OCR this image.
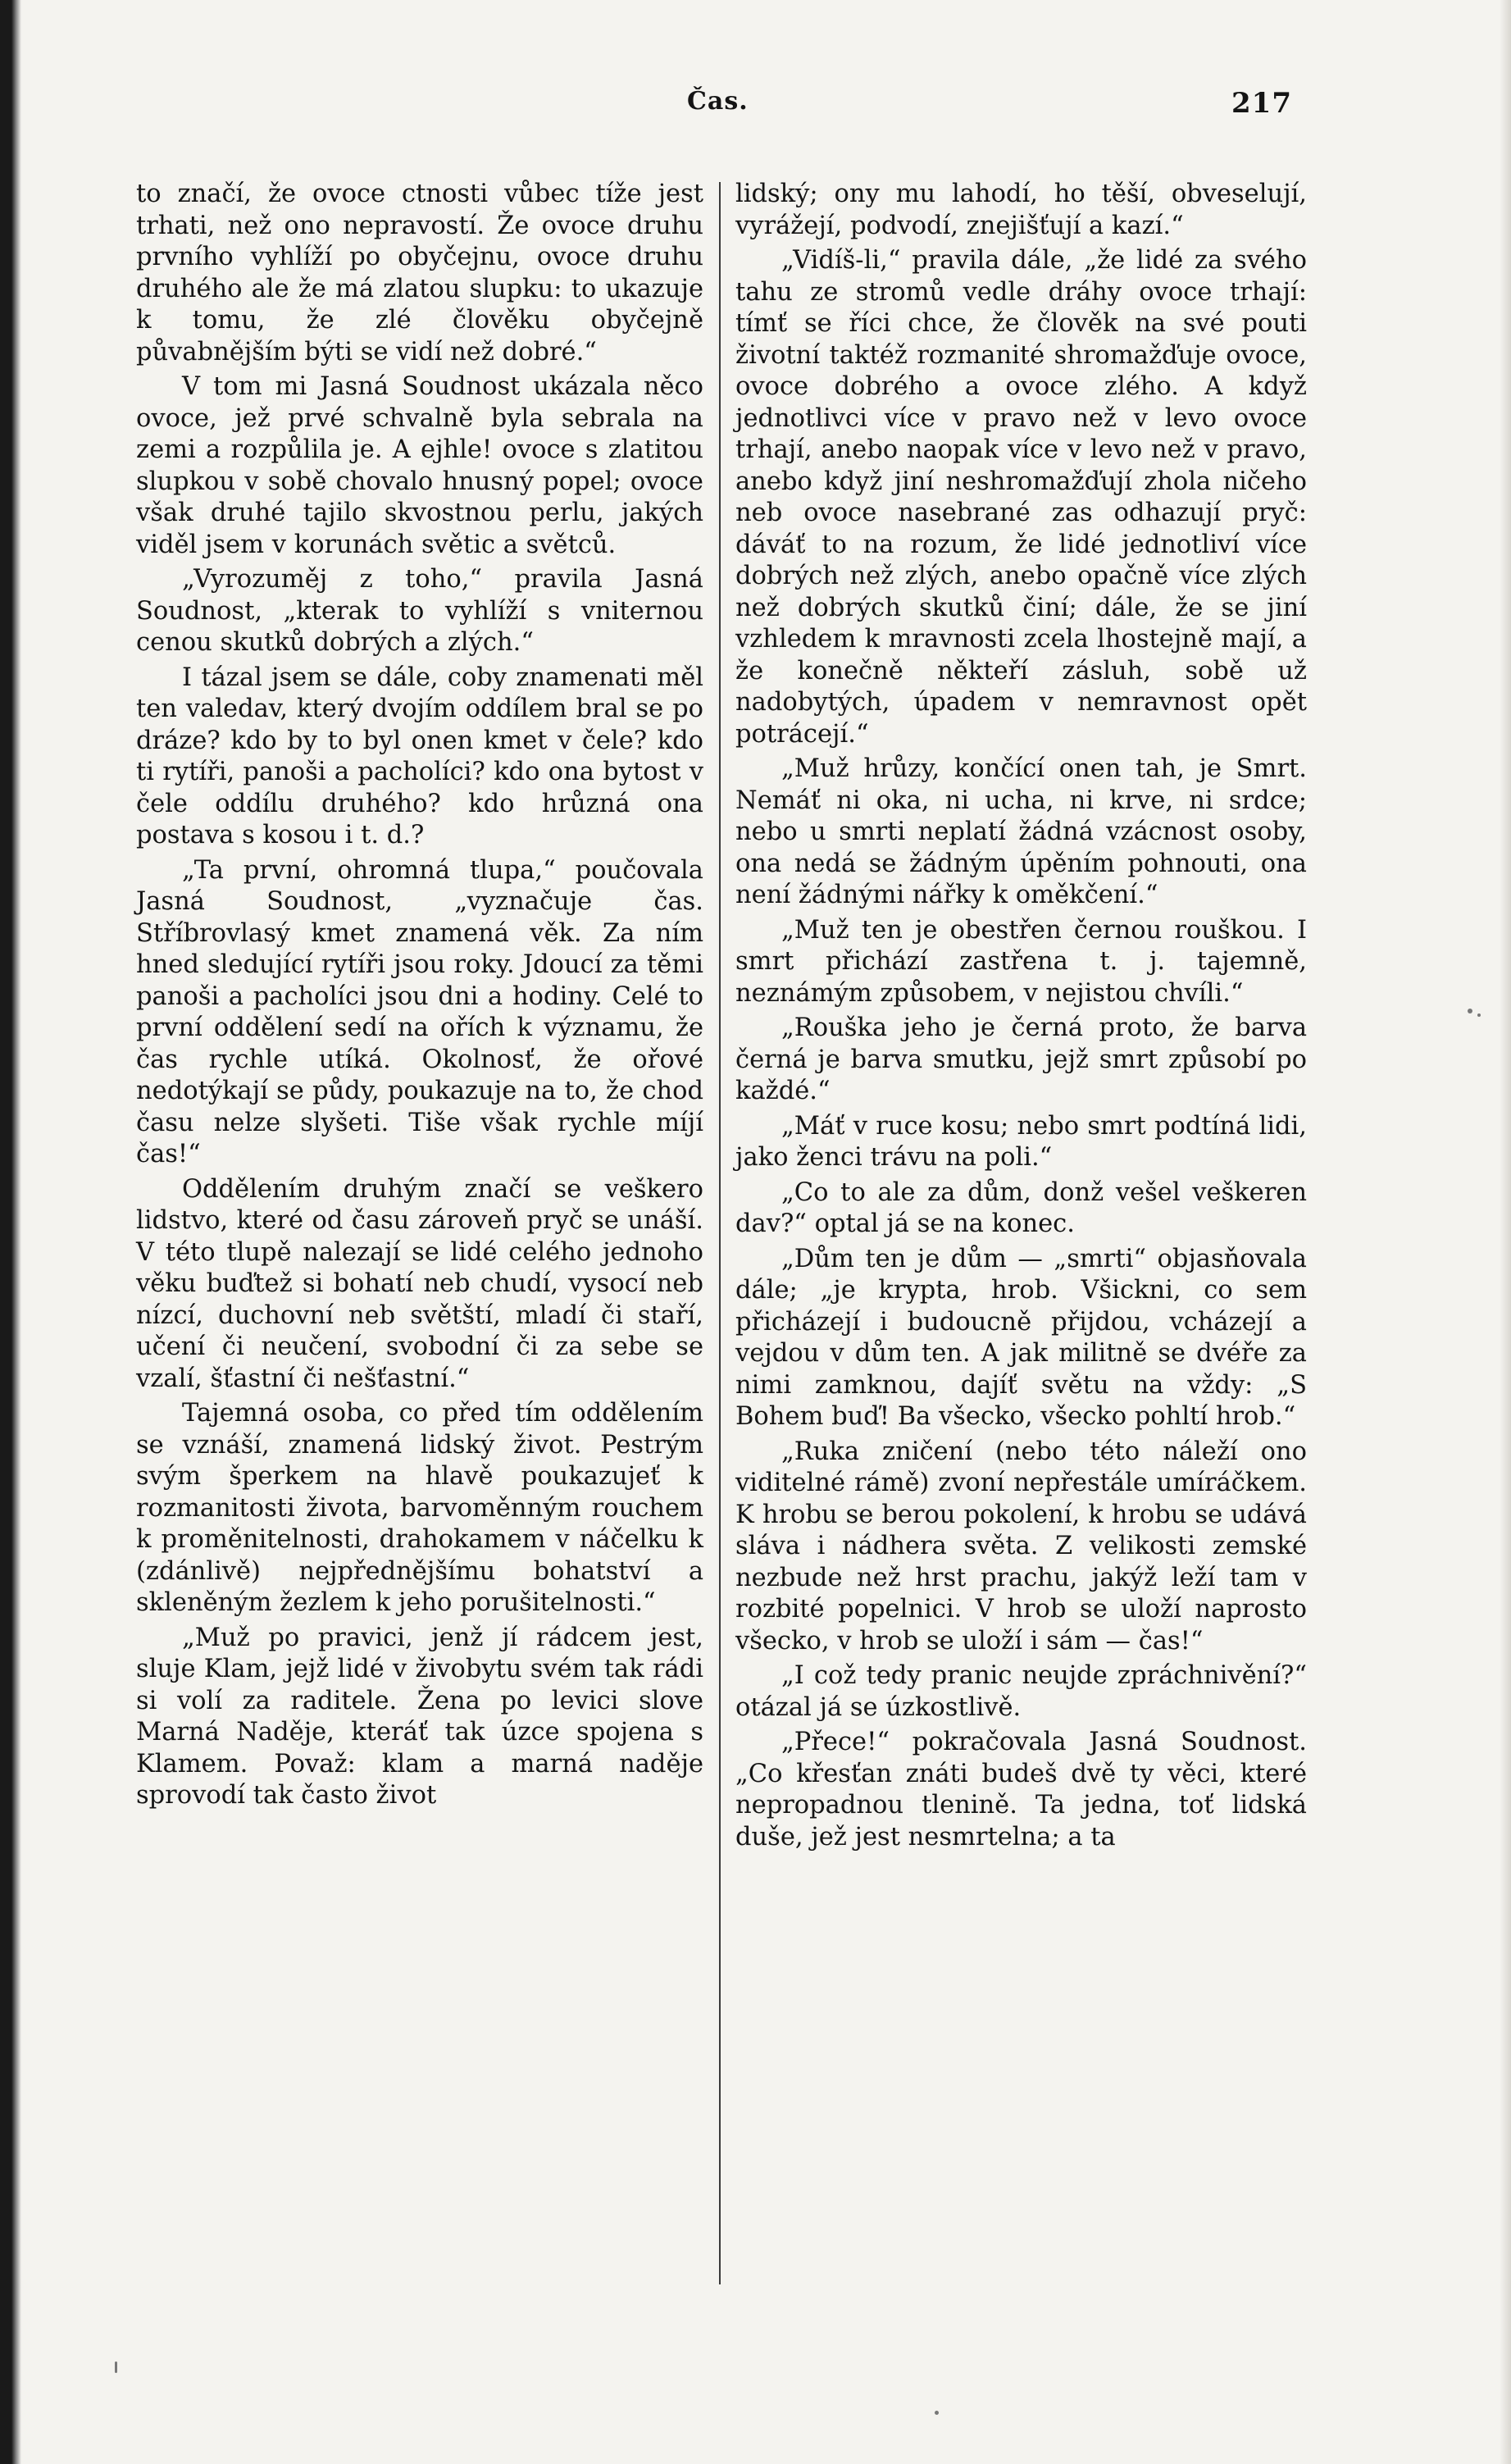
Čas.	217

to značí, že ovoce ctnosti vůbec tíže jest trhati, než ono nepravostí. Že ovoce druhu prvního vyhlíží po obyčejnu, ovoce druhu druhého ale že má zlatou slupku: to ukazuje k tomu, že zlé člověku obyčejně půvabnějším býti se vidí než dobré.“

V tom mi Jasná Soudnost ukázala něco ovoce, jež prvé schvalně byla sebrala na zemi a rozpůlila je. A ejhle! ovoce s zlatitou slupkou v sobě chovalo hnusný popel; ovoce však druhé tajilo skvostnou perlu, jakých viděl jsem v korunách světic a světců.

„Vyrozuměj z toho,“ pravila Jasná Soudnost, „kterak to vyhlíží s vniternou cenou skutků dobrých a zlých.“

I tázal jsem se dále, coby znamenati měl ten valedav, který dvojím oddílem bral se po dráze? kdo by to byl onen kmet v čele? kdo ti rytíři, panoši a pacholíci? kdo ona bytost v čele oddílu druhého? kdo hrůzná ona postava s kosou i t. d.?

„Ta první, ohromná tlupa,“ poučovala Jasná Soudnost, „vyznačuje čas. Stříbrovlasý kmet znamená věk. Za ním hned sledující rytíři jsou roky. Jdoucí za těmi panoši a pacholíci jsou dni a hodiny. Celé to první oddělení sedí na ořích k významu, že čas rychle utíká. Okolnosť, že ořové nedotýkají se půdy, poukazuje na to, že chod času nelze slyšeti. Tiše však rychle míjí čas!“

Oddělením druhým značí se veškero lidstvo, které od času zároveň pryč se unáší. V této tlupě nalezají se lidé celého jednoho věku buďtež si bohatí neb chudí, vysocí neb nízcí, duchovní neb světští, mladí či staří, učení či neučení, svobodní či za sebe se vzalí, šťastní či nešťastní.“

Tajemná osoba, co před tím oddělením se vznáší, znamená lidský život. Pestrým svým šperkem na hlavě poukazujeť k rozmanitosti života, barvoměnným rouchem k proměnitelnosti, drahokamem v náčelku k (zdánlivě) nejpřednějšímu bohatství a skleněným žezlem k jeho porušitelnosti.“

„Muž po pravici, jenž jí rádcem jest, sluje Klam, jejž lidé v živobytu svém tak rádi si volí za raditele. Žena po levici slove Marná Naděje, kteráť tak úzce spojena s Klamem. Považ: klam a marná naděje sprovodí tak často život

lidský; ony mu lahodí, ho těší, obveselují, vyrážejí, podvodí, znejišťují a kazí.“

„Vidíš-li,“ pravila dále, „že lidé za svého tahu ze stromů vedle dráhy ovoce trhají: tímť se říci chce, že člověk na své pouti životní taktéž rozmanité shromažďuje ovoce, ovoce dobrého a ovoce zlého. A když jednotlivci více v pravo než v levo ovoce trhají, anebo naopak více v levo než v pravo, anebo když jiní neshromažďují zhola ničeho neb ovoce nasebrané zas odhazují pryč: dáváť to na rozum, že lidé jednotliví více dobrých než zlých, anebo opačně více zlých než dobrých skutků činí; dále, že se jiní vzhledem k mravnosti zcela lhostejně mají, a že konečně někteří zásluh, sobě už nadobytých, úpadem v nemravnost opět potrácejí.“

„Muž hrůzy, končící onen tah, je Smrt. Nemáť ni oka, ni ucha, ni krve, ni srdce; nebo u smrti neplatí žádná vzácnost osoby, ona nedá se žádným úpěním pohnouti, ona není žádnými nářky k oměkčení.“

„Muž ten je obestřen černou rouškou. I smrt přichází zastřena t. j. tajemně, neznámým způsobem, v nejistou chvíli.“

„Rouška jeho je černá proto, že barva černá je barva smutku, jejž smrt způsobí po každé.“

„Máť v ruce kosu; nebo smrt podtíná lidi, jako ženci trávu na poli.“

„Co to ale za dům, donž vešel veškeren dav?“ optal já se na konec.

„Dům ten je dům — „smrti“ objasňovala dále; „je krypta, hrob. Všickni, co sem přicházejí i budoucně přijdou, vcházejí a vejdou v dům ten. A jak militně se dvéře za nimi zamknou, dajíť světu na vždy: „S Bohem buď! Ba všecko, všecko pohltí hrob.“

„Ruka zničení (nebo této náleží ono viditelné rámě) zvoní nepřestále umíráčkem. K hrobu se berou pokolení, k hrobu se udává sláva i nádhera světa. Z velikosti zemské nezbude než hrst prachu, jakýž leží tam v rozbité popelnici. V hrob se uloží naprosto všecko, v hrob se uloží i sám — čas!“

„I což tedy pranic neujde zpráchnivění?“ otázal já se úzkostlivě.

„Přece!“ pokračovala Jasná Soudnost. „Co křesťan znáti budeš dvě ty věci, které nepropadnou tlenině. Ta jedna, toť lidská duše, jež jest nesmrtelna; a ta
